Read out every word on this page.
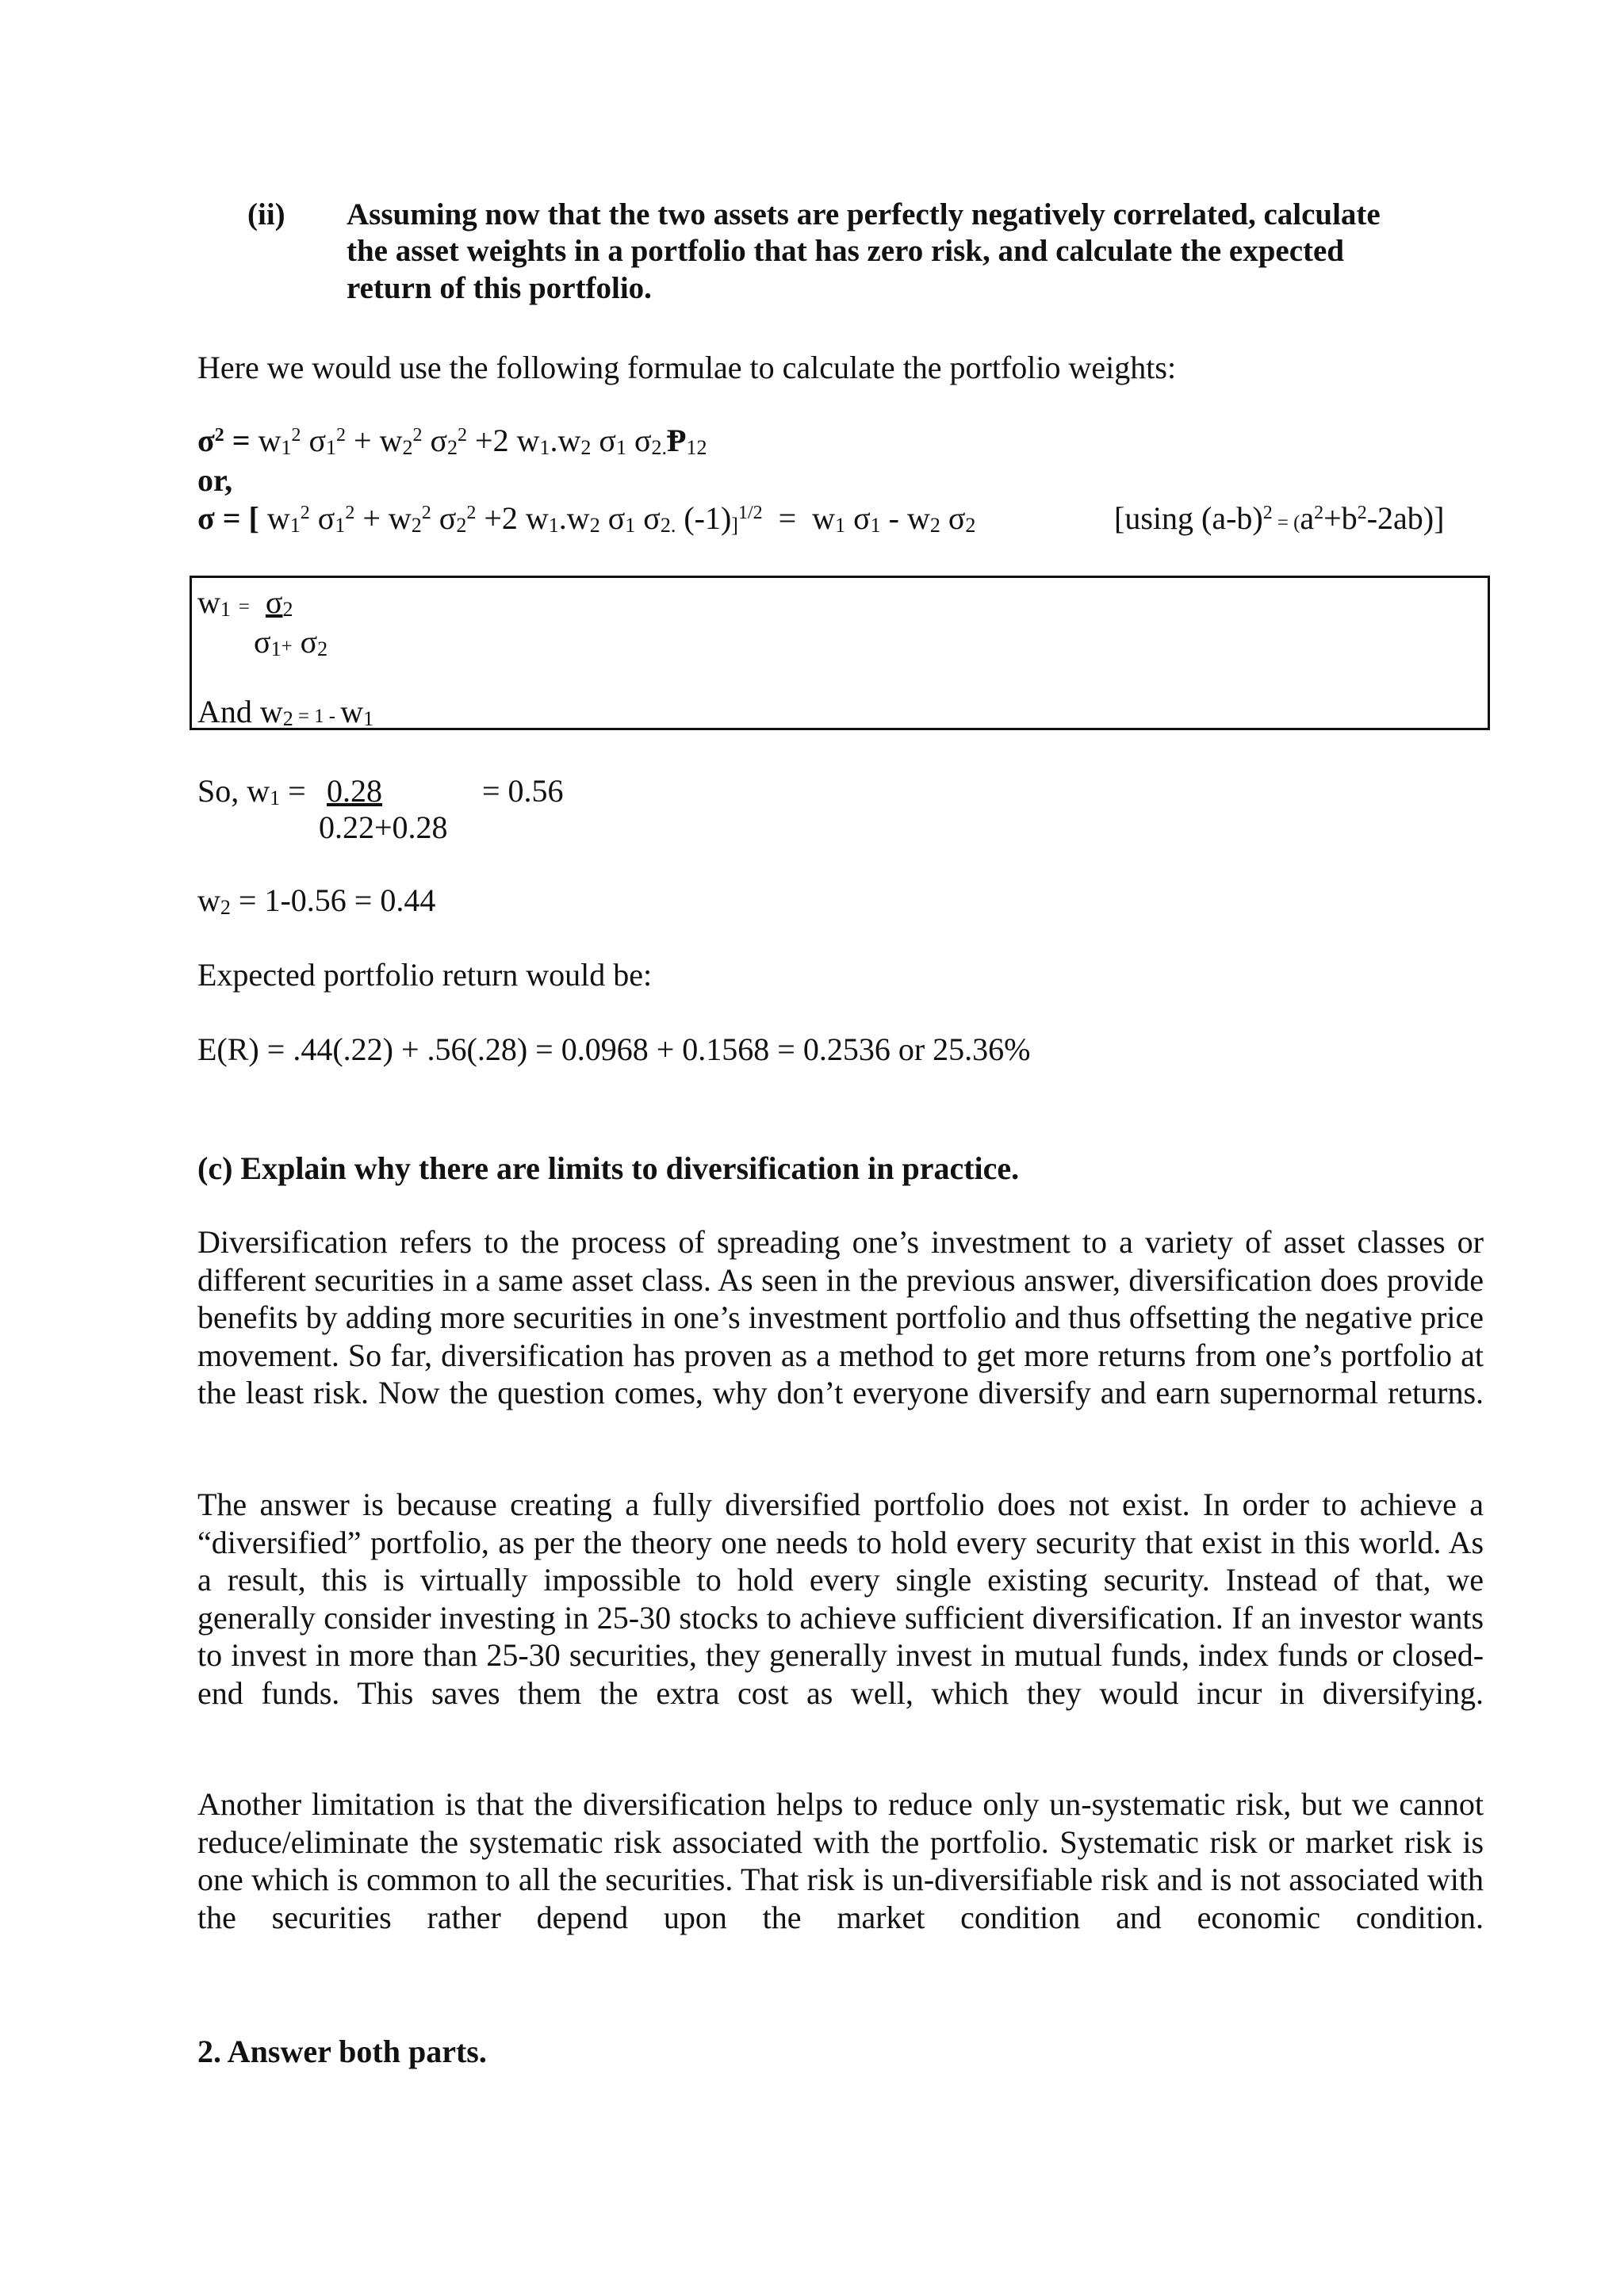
(ii) Assuming now that the two assets are perfectly negatively correlated, calculate
the asset weights in a portfolio that has zero risk, and calculate the expected
return of this portfolio.
Here we would use the following formulae to calculate the portfolio weights:
$\sigma^2 = w_1^2$ $\sigma_1^2 + w_2^2$ $\sigma_2^2 +2$ $w_1.w_2$ $\sigma_1$ $\sigma_{2.}Ᵽ_{12}$
or,
σ = [ $w_1^2$ $\sigma_1^2 + w_2^2$ $\sigma_2^2 +2$ $w_1.w_2$ $\sigma_1$ $\sigma_{2.}$ $(-1)_]^{1/2} = w_1$ $\sigma_1 - w_2$ $\sigma_2$	[using $(a-b)^2 = (a^2+b^2-2ab)$]
$w_1 = \sigma_2$
$\sigma_1+ \sigma_2$
And $w_2 = 1 - w_1$
So, $w_1 = 0.28$	= 0.56
0.22+0.28
$w_2 = 1-0.56 = 0.44$
Expected portfolio return would be:
E(R) = .44(.22) + .56(.28) = 0.0968 + 0.1568 = 0.2536 or 25.36%
(c) Explain why there are limits to diversification in practice.
Diversification refers to the process of spreading one’s investment to a variety of asset classes or different securities in a same asset class. As seen in the previous answer, diversification does provide benefits by adding more securities in one’s investment portfolio and thus offsetting the negative price movement. So far, diversification has proven as a method to get more returns from one’s portfolio at the least risk. Now the question comes, why don’t everyone diversify and earn supernormal returns.
The answer is because creating a fully diversified portfolio does not exist. In order to achieve a “diversified” portfolio, as per the theory one needs to hold every security that exist in this world. As a result, this is virtually impossible to hold every single existing security. Instead of that, we generally consider investing in 25-30 stocks to achieve sufficient diversification. If an investor wants to invest in more than 25-30 securities, they generally invest in mutual funds, index funds or closed-end funds. This saves them the extra cost as well, which they would incur in diversifying.
Another limitation is that the diversification helps to reduce only un-systematic risk, but we cannot reduce/eliminate the systematic risk associated with the portfolio. Systematic risk or market risk is one which is common to all the securities. That risk is un-diversifiable risk and is not associated with the securities rather depend upon the market condition and economic condition.
2. Answer both parts.
